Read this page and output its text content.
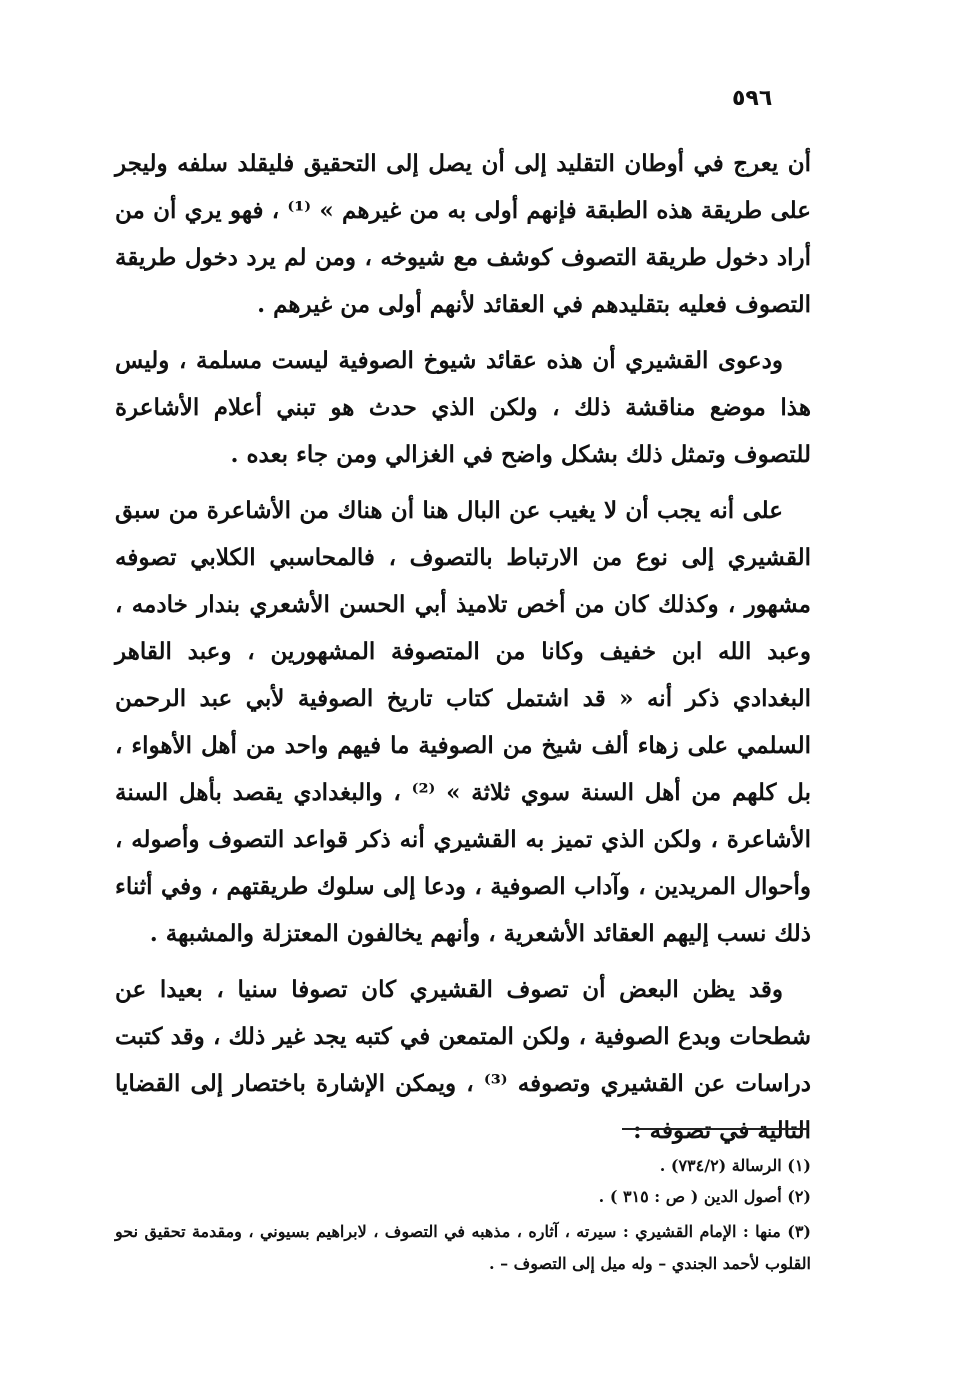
٥٩٦

أن يعرج في أوطان التقليد إلى أن يصل إلى التحقيق فليقلد سلفه وليجر على طريقة هذه الطبقة فإنهم أولى به من غيرهم » ⁽¹⁾ ، فهو يري أن من أراد دخول طريقة التصوف كوشف مع شيوخه ، ومن لم يرد دخول طريقة التصوف فعليه بتقليدهم في العقائد لأنهم أولى من غيرهم .

ودعوى القشيري أن هذه عقائد شيوخ الصوفية ليست مسلمة ، وليس هذا موضع مناقشة ذلك ، ولكن الذي حدث هو تبني أعلام الأشاعرة للتصوف وتمثل ذلك بشكل واضح في الغزالي ومن جاء بعده .

على أنه يجب أن لا يغيب عن البال هنا أن هناك من الأشاعرة من سبق القشيري إلى نوع من الارتباط بالتصوف ، فالمحاسبي الكلابي تصوفه مشهور ، وكذلك كان من أخص تلاميذ أبي الحسن الأشعري بندار خادمه ، وعبد الله ابن خفيف وكانا من المتصوفة المشهورين ، وعبد القاهر البغدادي ذكر أنه « قد اشتمل كتاب تاريخ الصوفية لأبي عبد الرحمن السلمي على زهاء ألف شيخ من الصوفية ما فيهم واحد من أهل الأهواء ، بل كلهم من أهل السنة سوي ثلاثة » ⁽²⁾ ، والبغدادي يقصد بأهل السنة الأشاعرة ، ولكن الذي تميز به القشيري أنه ذكر قواعد التصوف وأصوله ، وأحوال المريدين ، وآداب الصوفية ، ودعا إلى سلوك طريقتهم ، وفي أثناء ذلك نسب إليهم العقائد الأشعرية ، وأنهم يخالفون المعتزلة والمشبهة .

وقد يظن البعض أن تصوف القشيري كان تصوفا سنيا ، بعيدا عن شطحات وبدع الصوفية ، ولكن المتمعن في كتبه يجد غير ذلك ، وقد كتبت دراسات عن القشيري وتصوفه ⁽³⁾ ، ويمكن الإشارة باختصار إلى القضايا التالية في تصوفه :

(١) الرسالة (٧٣٤/٢) .

(٢) أصول الدين ( ص : ٣١٥ ) .

(٣) منها : الإمام القشيري : سيرته ، آثاره ، مذهبه في التصوف ، لابراهيم بسيوني ، ومقدمة تحقيق نحو القلوب لأحمد الجندي – وله ميل إلى التصوف – .
